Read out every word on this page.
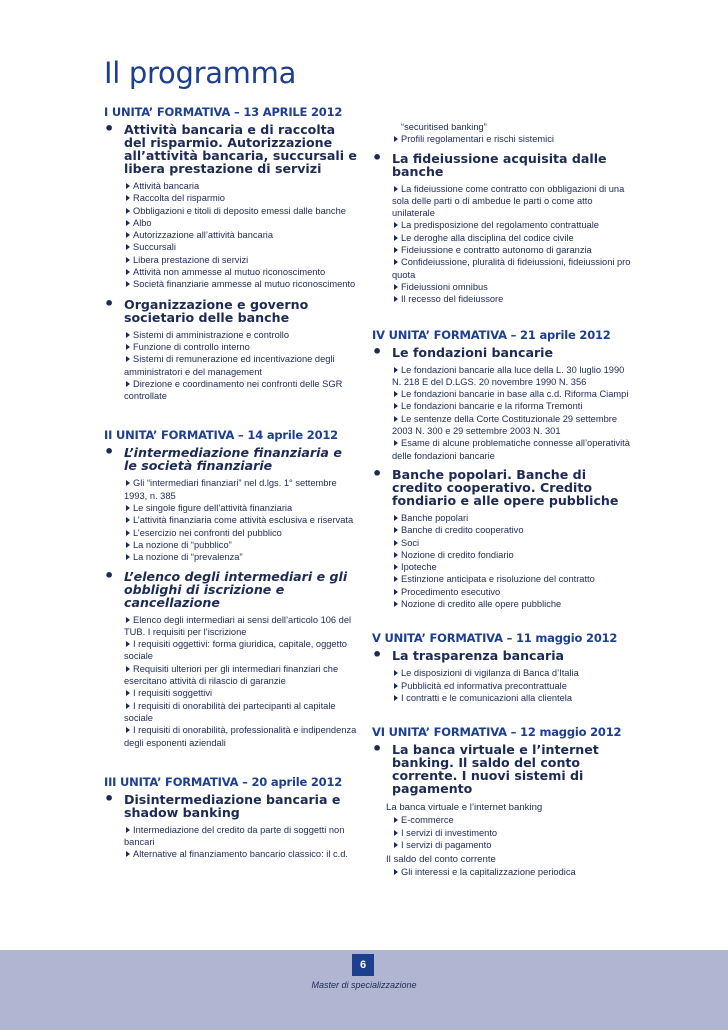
Il programma
I UNITA’ FORMATIVA – 13 APRILE 2012
• Attività bancaria e di raccolta del risparmio. Autorizzazione all’attività bancaria, succursali e libera prestazione di servizi
Attività bancaria
Raccolta del risparmio
Obbligazioni e titoli di deposito emessi dalle banche
Albo
Autorizzazione all’attività bancaria
Succursali
Libera prestazione di servizi
Attività non ammesse al mutuo riconoscimento
Società finanziarie ammesse al mutuo riconoscimento
• Organizzazione e governo societario delle banche
Sistemi di amministrazione e controllo
Funzione di controllo interno
Sistemi di remunerazione ed incentivazione degli amministratori e del management
Direzione e coordinamento nei confronti delle SGR controllate
II UNITA’ FORMATIVA – 14 aprile 2012
• L’intermediazione finanziaria e le società finanziarie
Gli “intermediari finanziari” nel d.lgs. 1° settembre 1993, n. 385
Le singole figure dell’attività finanziaria
L’attività finanziaria come attività esclusiva e riservata
L’esercizio nei confronti del pubblico
La nozione di “pubblico”
La nozione di “prevalenza”
• L’elenco degli intermediari e gli obblighi di iscrizione e cancellazione
Elenco degli intermediari ai sensi dell’articolo 106 del TUB. I requisiti per l’iscrizione
I requisiti oggettivi: forma giuridica, capitale, oggetto sociale
Requisiti ulteriori per gli intermediari finanziari che esercitano attività di rilascio di garanzie
I requisiti soggettivi
I requisiti di onorabilità dei partecipanti al capitale sociale
I requisiti di onorabilità, professionalità e indipendenza degli esponenti aziendali
III UNITA’ FORMATIVA – 20 aprile 2012
• Disintermediazione bancaria e shadow banking
Intermediazione del credito da parte di soggetti non bancari
Alternative al finanziamento bancario classico: il c.d.
“securitised banking”
Profili regolamentari e rischi sistemici
• La fideiussione acquisita dalle banche
La fideiussione come contratto con obbligazioni di una sola delle parti o di ambedue le parti o come atto unilaterale
La predisposizione del regolamento contrattuale
Le deroghe alla disciplina del codice civile
Fideiussione e contratto autonomo di garanzia
Confideiussione, pluralità di fideiussioni, fideiussioni pro quota
Fideiussioni omnibus
Il recesso del fideiussore
IV UNITA’ FORMATIVA – 21 aprile 2012
• Le fondazioni bancarie
Le fondazioni bancarie alla luce della L. 30 luglio 1990 N. 218 E del D.LGS. 20 novembre 1990 N. 356
Le fondazioni bancarie in base alla c.d. Riforma Ciampi
Le fondazioni bancarie e la riforma Tremonti
Le sentenze della Corte Costituzionale 29 settembre 2003 N. 300 e 29 settembre 2003 N. 301
Esame di alcune problematiche connesse all’operatività delle fondazioni bancarie
• Banche popolari. Banche di credito cooperativo. Credito fondiario e alle opere pubbliche
Banche popolari
Banche di credito cooperativo
Soci
Nozione di credito fondiario
Ipoteche
Estinzione anticipata e risoluzione del contratto
Procedimento esecutivo
Nozione di credito alle opere pubbliche
V UNITA’ FORMATIVA – 11 maggio 2012
• La trasparenza bancaria
Le disposizioni di vigilanza di Banca d’Italia
Pubblicità ed informativa precontrattuale
I contratti e le comunicazioni alla clientela
VI UNITA’ FORMATIVA – 12 maggio 2012
• La banca virtuale e l’internet banking. Il saldo del conto corrente. I nuovi sistemi di pagamento
La banca virtuale e l’internet banking
E-commerce
I servizi di investimento
I servizi di pagamento
Il saldo del conto corrente
Gli interessi e la capitalizzazione periodica
6
Master di specializzazione
